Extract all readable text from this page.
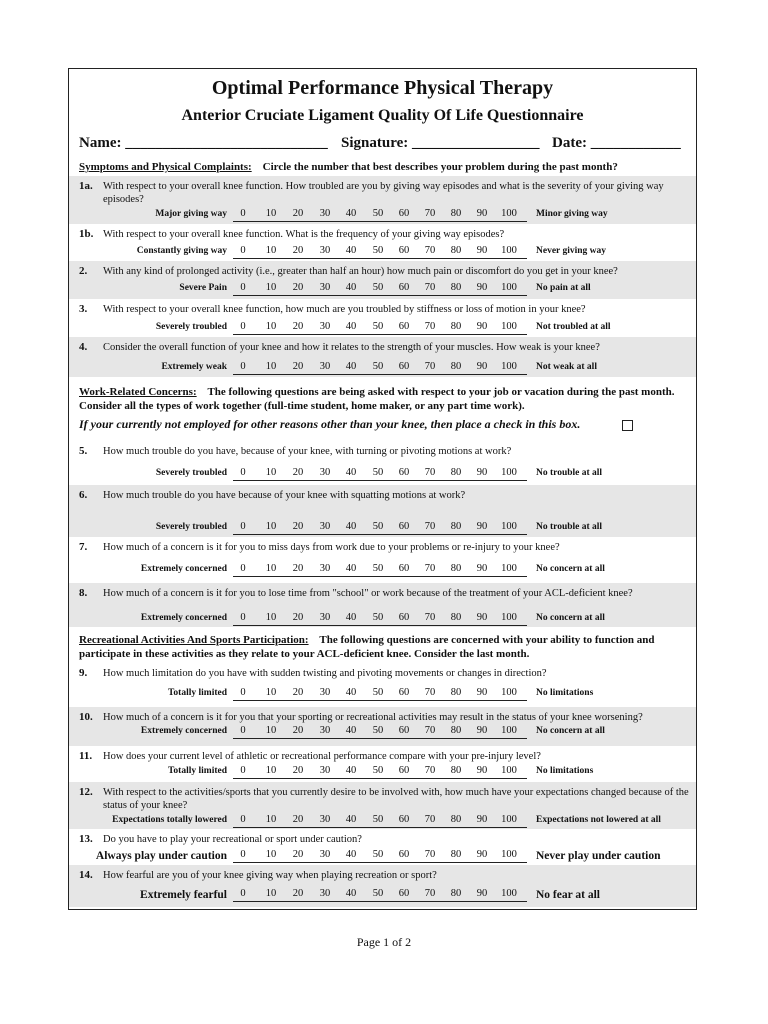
Optimal Performance Physical Therapy
Anterior Cruciate Ligament Quality Of Life Questionnaire
Name: ___________________________ Signature: _________________ Date: ____________
Symptoms and Physical Complaints: Circle the number that best describes your problem during the past month?
Work-Related Concerns: The following questions are being asked with respect to your job or vacation during the past month. Consider all the types of work together (full-time student, home maker, or any part time work).
If your currently not employed for other reasons other than your knee, then place a check in this box.
Recreational Activities And Sports Participation: The following questions are concerned with your ability to function and participate in these activities as they relate to your ACL-deficient knee. Consider the last month.
1a. With respect to your overall knee function. How troubled are you by giving way episodes and what is the severity of your giving way episodes?
Major giving way 0 10 20 30 40 50 60 70 80 90 100 Minor giving way
1b. With respect to your overall knee function. What is the frequency of your giving way episodes?
Constantly giving way 0 10 20 30 40 50 60 70 80 90 100 Never giving way
2. With any kind of prolonged activity (i.e., greater than half an hour) how much pain or discomfort do you get in your knee?
Severe Pain 0 10 20 30 40 50 60 70 80 90 100 No pain at all
3. With respect to your overall knee function, how much are you troubled by stiffness or loss of motion in your knee?
Severely troubled 0 10 20 30 40 50 60 70 80 90 100 Not troubled at all
4. Consider the overall function of your knee and how it relates to the strength of your muscles. How weak is your knee?
Extremely weak 0 10 20 30 40 50 60 70 80 90 100 Not weak at all
5. How much trouble do you have, because of your knee, with turning or pivoting motions at work?
Severely troubled 0 10 20 30 40 50 60 70 80 90 100 No trouble at all
6. How much trouble do you have because of your knee with squatting motions at work?
Severely troubled 0 10 20 30 40 50 60 70 80 90 100 No trouble at all
7. How much of a concern is it for you to miss days from work due to your problems or re-injury to your knee?
Extremely concerned 0 10 20 30 40 50 60 70 80 90 100 No concern at all
8. How much of a concern is it for you to lose time from "school" or work because of the treatment of your ACL-deficient knee?
Extremely concerned 0 10 20 30 40 50 60 70 80 90 100 No concern at all
9. How much limitation do you have with sudden twisting and pivoting movements or changes in direction?
Totally limited 0 10 20 30 40 50 60 70 80 90 100 No limitations
10. How much of a concern is it for you that your sporting or recreational activities may result in the status of your knee worsening?
Extremely concerned 0 10 20 30 40 50 60 70 80 90 100 No concern at all
11. How does your current level of athletic or recreational performance compare with your pre-injury level?
Totally limited 0 10 20 30 40 50 60 70 80 90 100 No limitations
12. With respect to the activities/sports that you currently desire to be involved with, how much have your expectations changed because of the status of your knee?
Expectations totally lowered 0 10 20 30 40 50 60 70 80 90 100 Expectations not lowered at all
13. Do you have to play your recreational or sport under caution?
Always play under caution 0 10 20 30 40 50 60 70 80 90 100 Never play under caution
14. How fearful are you of your knee giving way when playing recreation or sport?
Extremely fearful 0 10 20 30 40 50 60 70 80 90 100 No fear at all
Page 1 of 2
